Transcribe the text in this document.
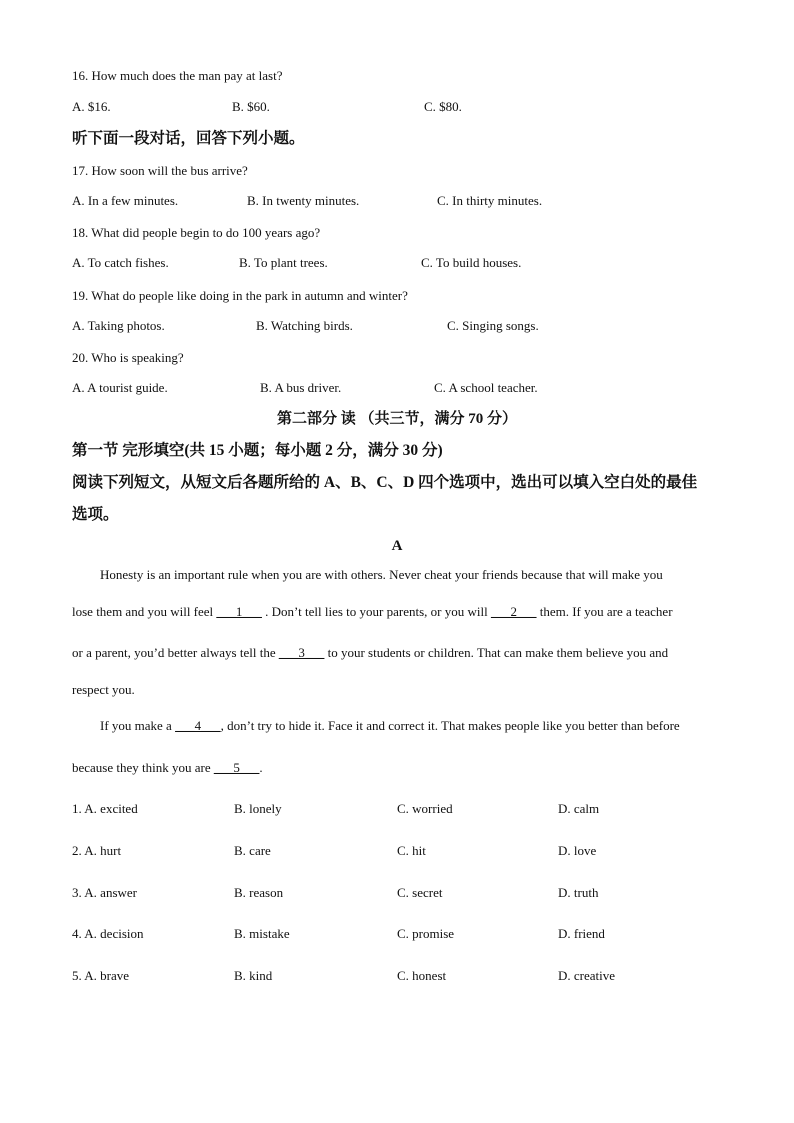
16. How much does the man pay at last?
A. $16.	B. $60.	C. $80.
听下面一段对话，回答下列小题。
17. How soon will the bus arrive?
A. In a few minutes.	B. In twenty minutes.	C. In thirty minutes.
18. What did people begin to do 100 years ago?
A. To catch fishes.	B. To plant trees.	C. To build houses.
19. What do people like doing in the park in autumn and winter?
A. Taking photos.	B. Watching birds.	C. Singing songs.
20. Who is speaking?
A. A tourist guide.	B. A bus driver.	C. A school teacher.
第二部分 读 （共三节，满分 70 分）
第一节 完形填空(共 15 小题；每小题 2 分，满分 30 分)
阅读下列短文，从短文后各题所给的 A、B、C、D 四个选项中，选出可以填入空白处的最佳
选项。
A
Honesty is an important rule when you are with others. Never cheat your friends because that will make you
lose them and you will feel ___1___ . Don’t tell lies to your parents, or you will ___2___ them. If you are a teacher
or a parent, you’d better always tell the ___3___ to your students or children. That can make them believe you and
respect you.
If you make a ___4___, don’t try to hide it. Face it and correct it. That makes people like you better than before
because they think you are ___5___.
1. A. excited	B. lonely	C. worried	D. calm
2. A. hurt	B. care	C. hit	D. love
3. A. answer	B. reason	C. secret	D. truth
4. A. decision	B. mistake	C. promise	D. friend
5. A. brave	B. kind	C. honest	D. creative
